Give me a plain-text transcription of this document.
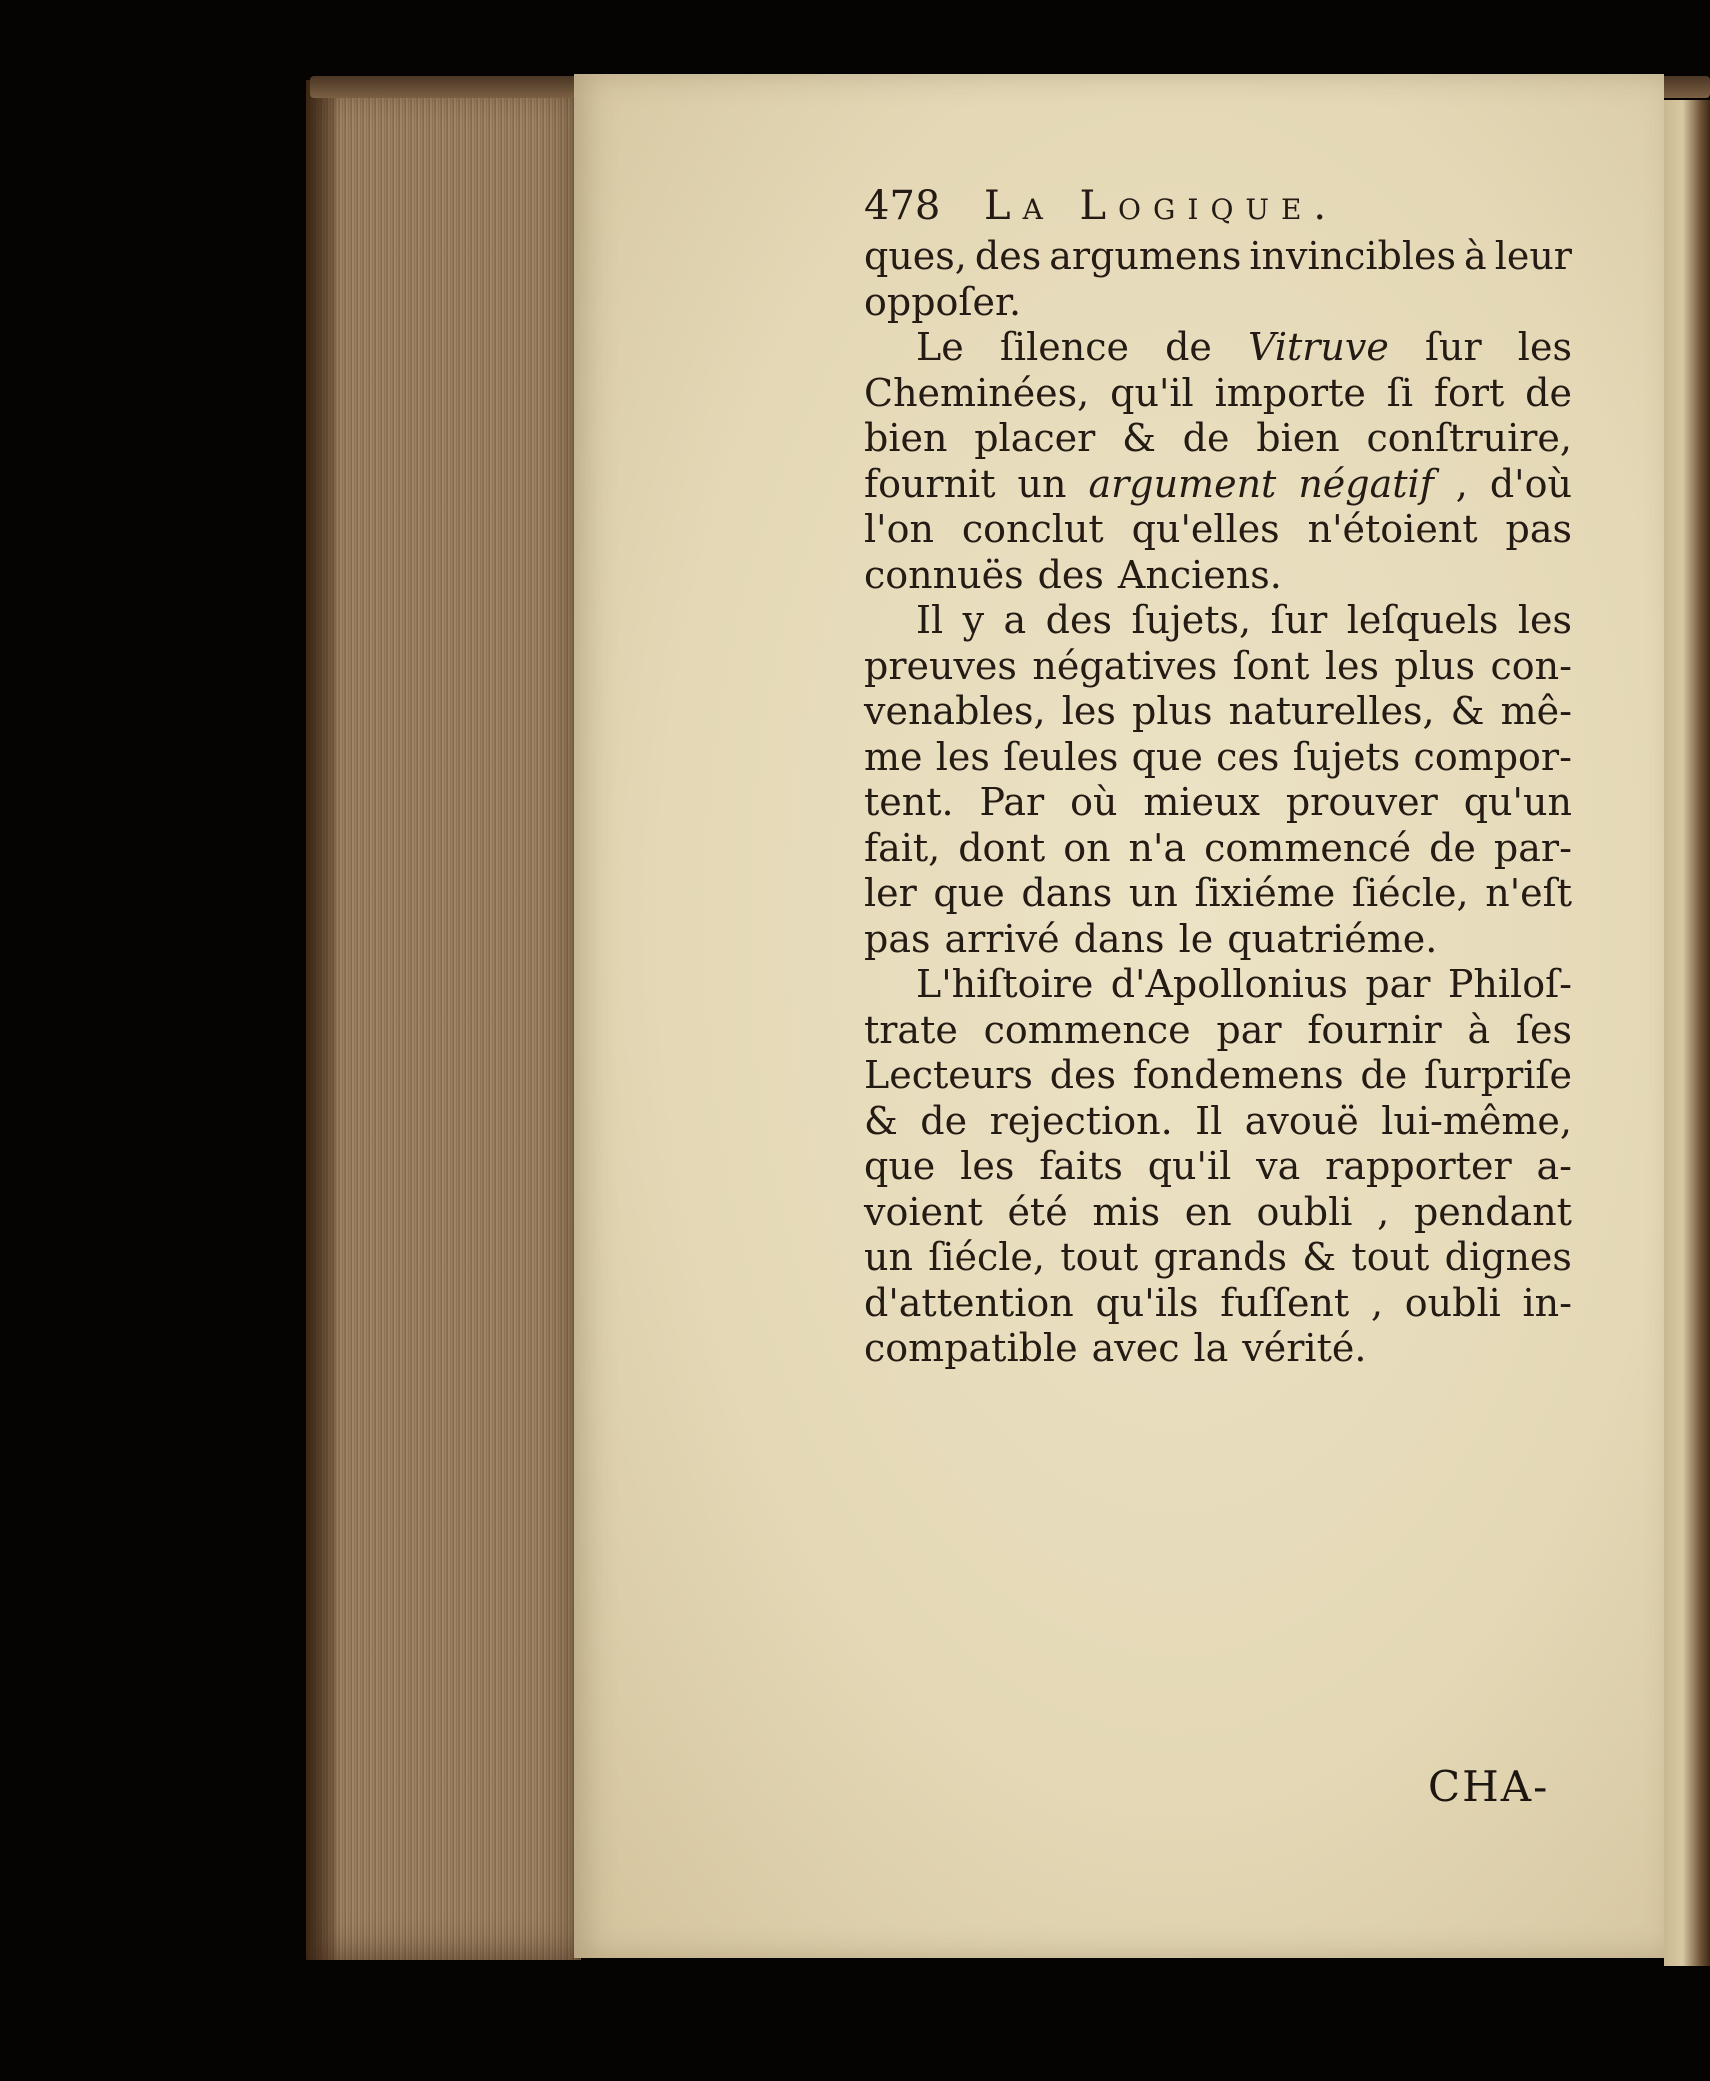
478	La Logique.
ques, des argumens invincibles à leur
oppoſer.
Le ſilence de Vitruve ſur les
Cheminées, qu'il importe ſi fort de
bien placer & de bien conſtruire,
fournit un argument négatif , d'où
l'on conclut qu'elles n'étoient pas
connuës des Anciens.
Il y a des ſujets, ſur leſquels les
preuves négatives ſont les plus con-
venables, les plus naturelles, & mê-
me les ſeules que ces ſujets compor-
tent. Par où mieux prouver qu'un
fait, dont on n'a commencé de par-
ler que dans un ſixiéme ſiécle, n'eſt
pas arrivé dans le quatriéme.
L'hiſtoire d'Apollonius par Philoſ-
trate commence par fournir à ſes
Lecteurs des fondemens de ſurpriſe
& de rejection. Il avouë lui-même,
que les faits qu'il va rapporter a-
voient été mis en oubli , pendant
un ſiécle, tout grands & tout dignes
d'attention qu'ils fuſſent , oubli in-
compatible avec la vérité.
CHA-
